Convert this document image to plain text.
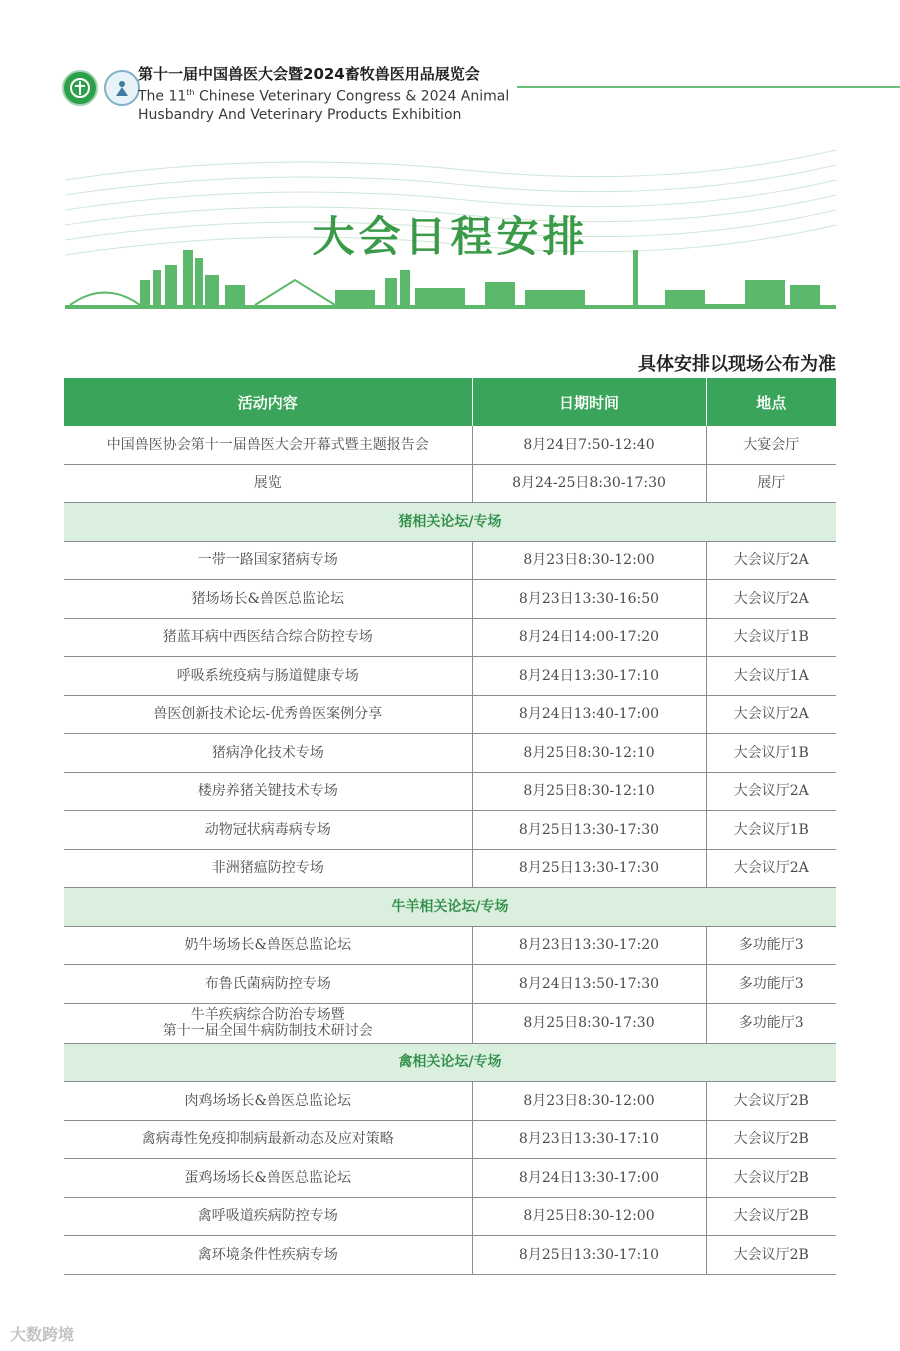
第十一届中国兽医大会暨2024畜牧兽医用品展览会
The 11th Chinese Veterinary Congress & 2024 Animal
Husbandry And Veterinary Products Exhibition
大会日程安排
具体安排以现场公布为准
活动内容	日期时间	地点
中国兽医协会第十一届兽医大会开幕式暨主题报告会	8月24日7:50-12:40	大宴会厅
展览	8月24-25日8:30-17:30	展厅
猪相关论坛/专场		
一带一路国家猪病专场	8月23日8:30-12:00	大会议厅2A
猪场场长&兽医总监论坛	8月23日13:30-16:50	大会议厅2A
猪蓝耳病中西医结合综合防控专场	8月24日14:00-17:20	大会议厅1B
呼吸系统疫病与肠道健康专场	8月24日13:30-17:10	大会议厅1A
兽医创新技术论坛-优秀兽医案例分享	8月24日13:40-17:00	大会议厅2A
猪病净化技术专场	8月25日8:30-12:10	大会议厅1B
楼房养猪关键技术专场	8月25日8:30-12:10	大会议厅2A
动物冠状病毒病专场	8月25日13:30-17:30	大会议厅1B
非洲猪瘟防控专场	8月25日13:30-17:30	大会议厅2A
牛羊相关论坛/专场		
奶牛场场长&兽医总监论坛	8月23日13:30-17:20	多功能厅3
布鲁氏菌病防控专场	8月24日13:50-17:30	多功能厅3

牛羊疾病综合防治专场暨
第十一届全国牛病防制技术研讨会	8月25日8:30-17:30	多功能厅3
禽相关论坛/专场		
肉鸡场场长&兽医总监论坛	8月23日8:30-12:00	大会议厅2B
禽病毒性免疫抑制病最新动态及应对策略	8月23日13:30-17:10	大会议厅2B
蛋鸡场场长&兽医总监论坛	8月24日13:30-17:00	大会议厅2B
禽呼吸道疾病防控专场	8月25日8:30-12:00	大会议厅2B
禽环境条件性疾病专场	8月25日13:30-17:10	大会议厅2B
大数跨境
